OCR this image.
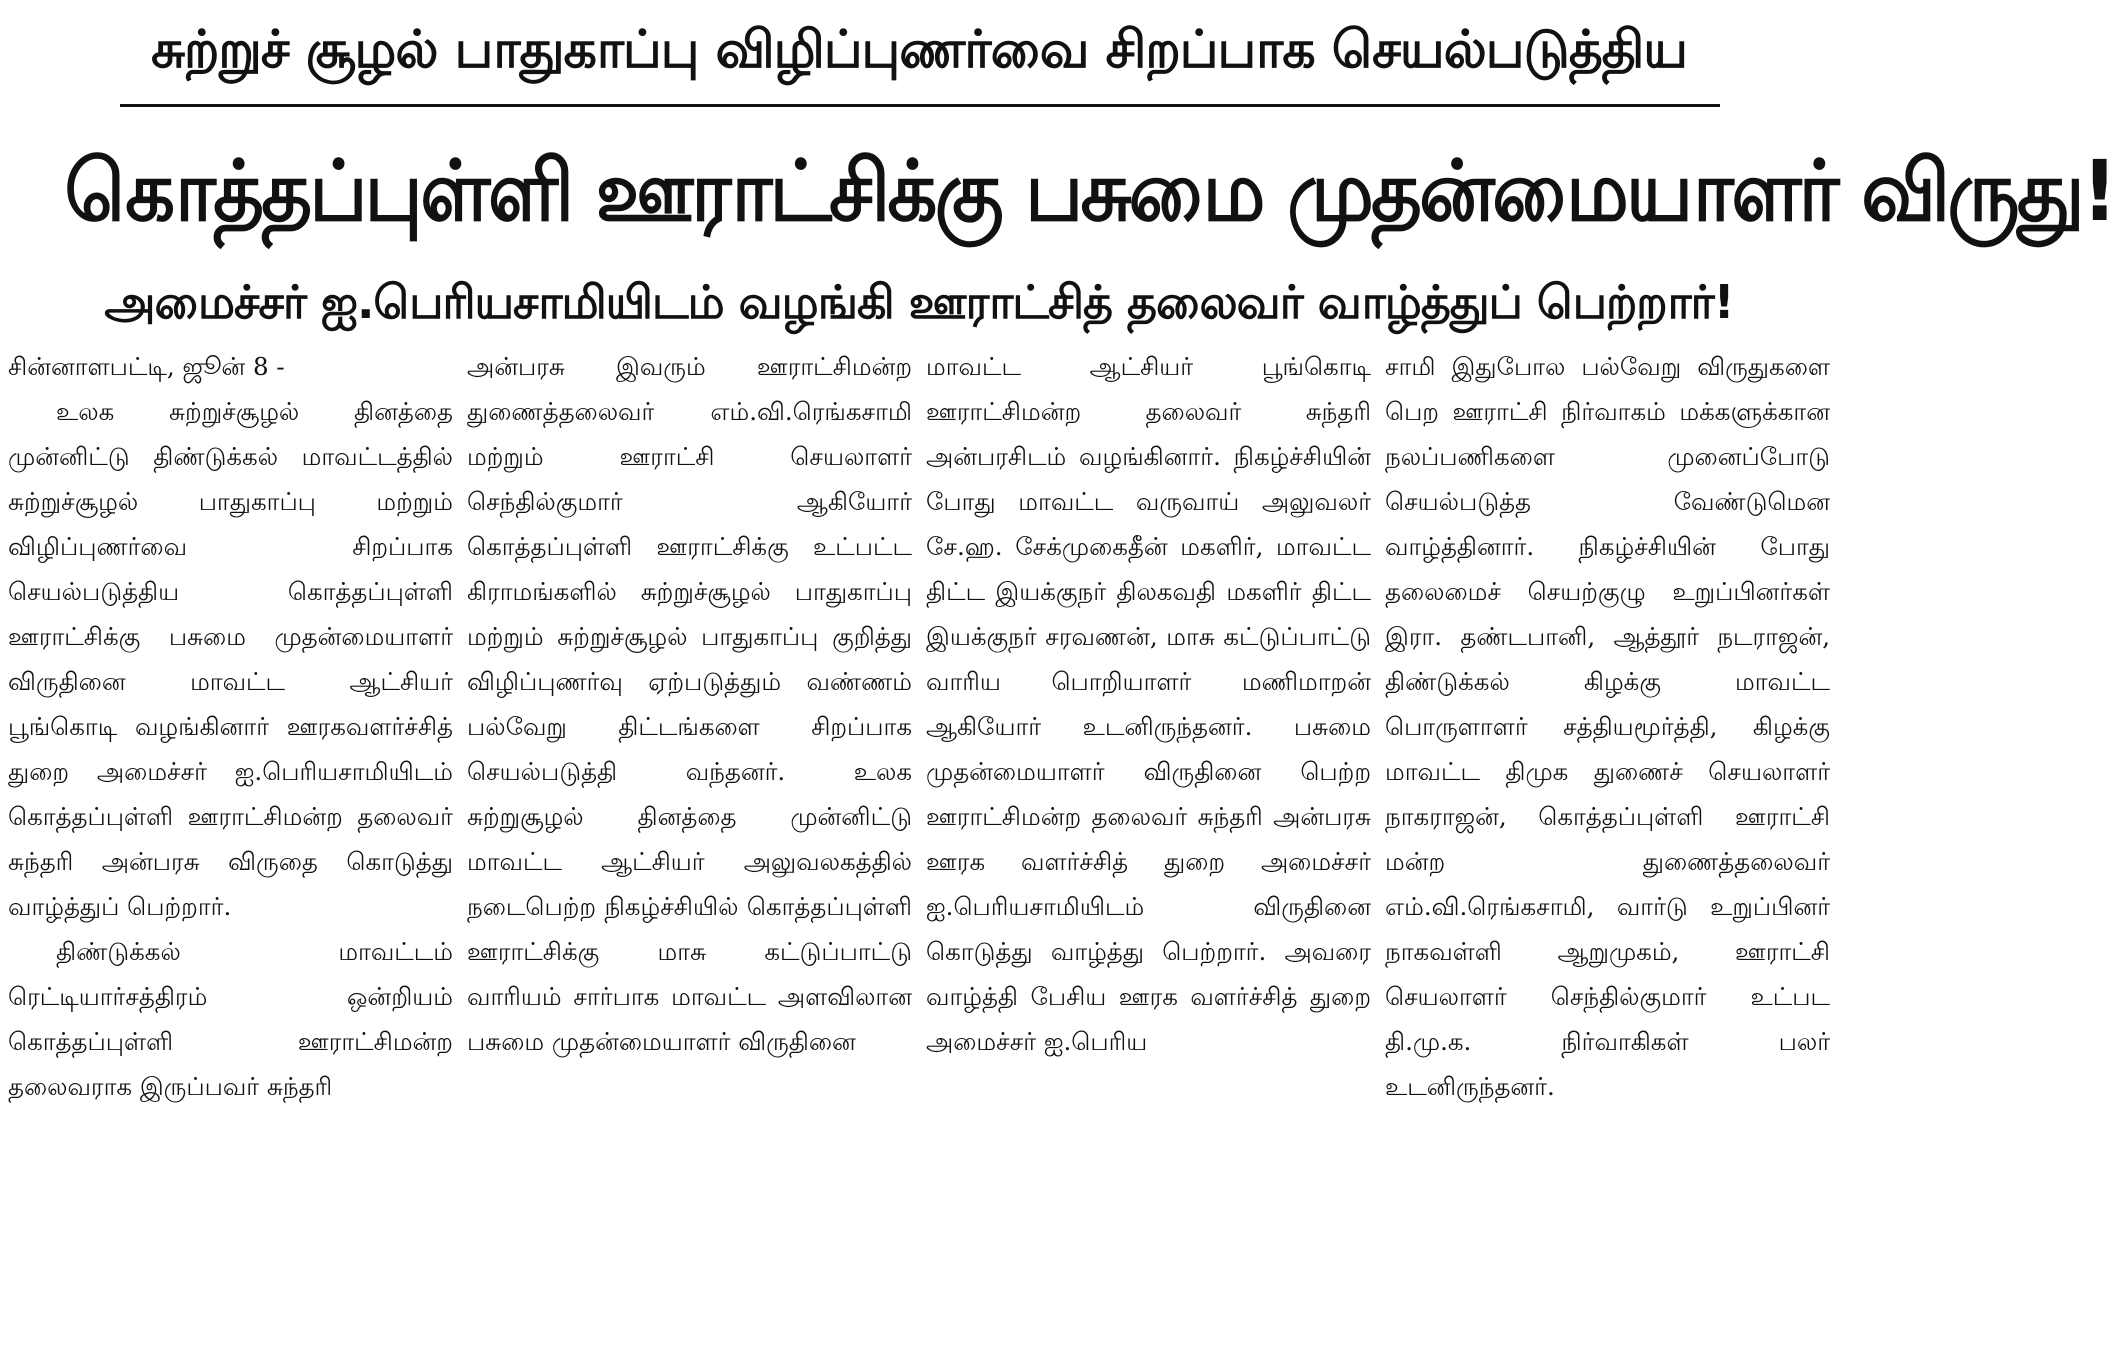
சுற்றுச் சூழல் பாதுகாப்பு விழிப்புணர்வை சிறப்பாக செயல்படுத்திய
கொத்தப்புள்ளி ஊராட்சிக்கு பசுமை முதன்மையாளர் விருது!
அமைச்சர் ஐ.பெரியசாமியிடம் வழங்கி ஊராட்சித் தலைவர் வாழ்த்துப் பெற்றார்!

சின்னாளபட்டி, ஜூன் 8 -

உலக சுற்றுச்சூழல் தினத்தை முன்னிட்டு திண்டுக்கல் மாவட்டத்தில் சுற்றுச்சூழல் பாதுகாப்பு மற்றும் விழிப்புணர்வை சிறப்பாக செயல்படுத்திய கொத்தப்புள்ளி ஊராட்சிக்கு பசுமை முதன்மையாளர் விருதினை மாவட்ட ஆட்சியர் பூங்கொடி வழங்கினார் ஊரகவளர்ச்சித் துறை அமைச்சர் ஐ.பெரியசாமியிடம் கொத்தப்புள்ளி ஊராட்சிமன்ற தலைவர் சுந்தரி அன்பரசு விருதை கொடுத்து வாழ்த்துப் பெற்றார்.

திண்டுக்கல் மாவட்டம் ரெட்டியார்சத்திரம் ஒன்றியம் கொத்தப்புள்ளி ஊராட்சிமன்ற தலைவராக இருப்பவர் சுந்தரி

அன்பரசு இவரும் ஊராட்சிமன்ற துணைத்தலைவர் எம்.வி.ரெங்கசாமி மற்றும் ஊராட்சி செயலாளர் செந்தில்குமார் ஆகியோர் கொத்தப்புள்ளி ஊராட்சிக்கு உட்பட்ட கிராமங்களில் சுற்றுச்சூழல் பாதுகாப்பு மற்றும் சுற்றுச்சூழல் பாதுகாப்பு குறித்து விழிப்புணர்வு ஏற்படுத்தும் வண்ணம் பல்வேறு திட்டங்களை சிறப்பாக செயல்படுத்தி வந்தனர். உலக சுற்றுசூழல் தினத்தை முன்னிட்டு மாவட்ட ஆட்சியர் அலுவலகத்தில் நடைபெற்ற நிகழ்ச்சியில் கொத்தப்புள்ளி ஊராட்சிக்கு மாசு கட்டுப்பாட்டு வாரியம் சார்பாக மாவட்ட அளவிலான பசுமை முதன்மையாளர் விருதினை

மாவட்ட ஆட்சியர் பூங்கொடி ஊராட்சிமன்ற தலைவர் சுந்தரி அன்பரசிடம் வழங்கினார். நிகழ்ச்சியின் போது மாவட்ட வருவாய் அலுவலர் சே.ஹ. சேக்முகைதீன் மகளிர், மாவட்ட திட்ட இயக்குநர் திலகவதி மகளிர் திட்ட இயக்குநர் சரவணன், மாசு கட்டுப்பாட்டு வாரிய பொறியாளர் மணிமாறன் ஆகியோர் உடனிருந்தனர். பசுமை முதன்மையாளர் விருதினை பெற்ற ஊராட்சிமன்ற தலைவர் சுந்தரி அன்பரசு ஊரக வளர்ச்சித் துறை அமைச்சர் ஐ.பெரியசாமியிடம் விருதினை கொடுத்து வாழ்த்து பெற்றார். அவரை வாழ்த்தி பேசிய ஊரக வளர்ச்சித் துறை அமைச்சர் ஐ.பெரிய

சாமி இதுபோல பல்வேறு விருதுகளை பெற ஊராட்சி நிர்வாகம் மக்களுக்கான நலப்பணிகளை முனைப்போடு செயல்படுத்த வேண்டுமென வாழ்த்தினார். நிகழ்ச்சியின் போது தலைமைச் செயற்குழு உறுப்பினர்கள் இரா. தண்டபானி, ஆத்தூர் நடராஜன், திண்டுக்கல் கிழக்கு மாவட்ட பொருளாளர் சத்தியமூர்த்தி, கிழக்கு மாவட்ட திமுக துணைச் செயலாளர் நாகராஜன், கொத்தப்புள்ளி ஊராட்சி மன்ற துணைத்தலைவர் எம்.வி.ரெங்கசாமி, வார்டு உறுப்பினர் நாகவள்ளி ஆறுமுகம், ஊராட்சி செயலாளர் செந்தில்குமார் உட்பட தி.மு.க. நிர்வாகிகள் பலர் உடனிருந்தனர்.
